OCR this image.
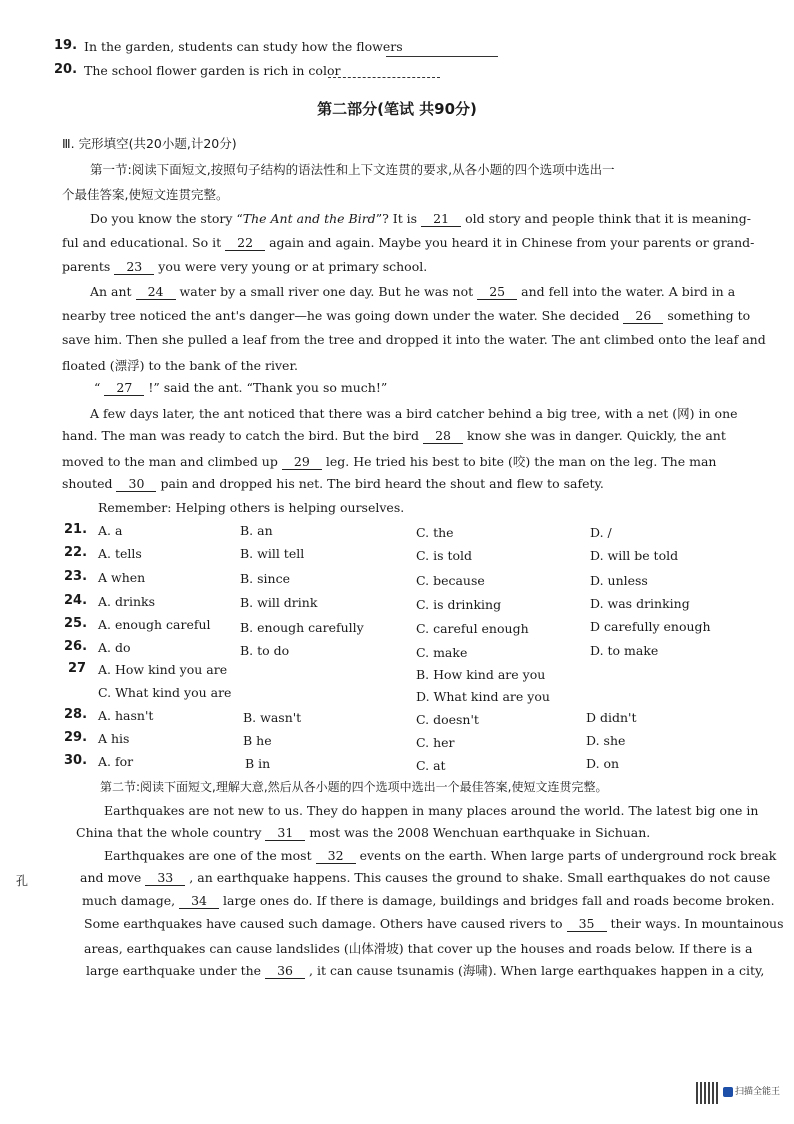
19. In the garden, students can study how the flowers
20. The school flower garden is rich in color
第二部分(笔试 共90分)
Ⅲ. 完形填空(共20小题,计20分)
第一节:阅读下面短文,按照句子结构的语法性和上下文连贯的要求,从各小题的四个选项中选出一
个最佳答案,使短文连贯完整。
Do you know the story “The Ant and the Bird”? It is 21 old story and people think that it is meaning-
ful and educational. So it 22 again and again. Maybe you heard it in Chinese from your parents or grand-
parents 23 you were very young or at primary school.
An ant 24 water by a small river one day. But he was not 25 and fell into the water. A bird in a
nearby tree noticed the ant's danger—he was going down under the water. She decided 26 something to
save him. Then she pulled a leaf from the tree and dropped it into the water. The ant climbed onto the leaf and
floated (漂浮) to the bank of the river.
“ 27 !” said the ant. “Thank you so much!”
A few days later, the ant noticed that there was a bird catcher behind a big tree, with a net (网) in one
hand. The man was ready to catch the bird. But the bird 28 know she was in danger. Quickly, the ant
moved to the man and climbed up 29 leg. He tried his best to bite (咬) the man on the leg. The man
shouted 30 pain and dropped his net. The bird heard the shout and flew to safety.
Remember: Helping others is helping ourselves.
21. A. a	B. an	C. the	D. /
22. A. tells	B. will tell	C. is told	D. will be told
23. A when	B. since	C. because	D. unless
24. A. drinks	B. will drink	C. is drinking	D. was drinking
25. A. enough careful B. enough carefully	C. careful enough	D carefully enough
26. A. do	B. to do	C. make	D. to make
27 A. How kind you are	B. How kind are you
C. What kind you are	D. What kind are you
28. A. hasn't	B. wasn't	C. doesn't	D didn't
29. A his	B he	C. her	D. she
30. A. for	B in	C. at	D. on
第二节:阅读下面短文,理解大意,然后从各小题的四个选项中选出一个最佳答案,使短文连贯完整。
Earthquakes are not new to us. They do happen in many places around the world. The latest big one in
China that the whole country 31 most was the 2008 Wenchuan earthquake in Sichuan.
Earthquakes are one of the most 32 events on the earth. When large parts of underground rock break
and move 33 , an earthquake happens. This causes the ground to shake. Small earthquakes do not cause
much damage, 34 large ones do. If there is damage, buildings and bridges fall and roads become broken.
Some earthquakes have caused such damage. Others have caused rivers to 35 their ways. In mountainous
areas, earthquakes can cause landslides (山体滑坡) that cover up the houses and roads below. If there is a
large earthquake under the 36 , it can cause tsunamis (海啸). When large earthquakes happen in a city,
孔
扫描全能王
